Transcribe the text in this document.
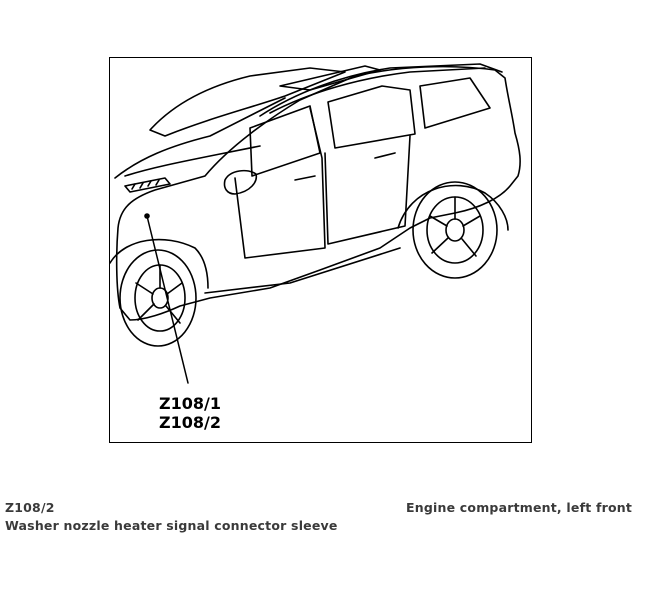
Z108/1
Z108/2
Z108/2	Engine compartment, left front
Washer nozzle heater signal connector sleeve
